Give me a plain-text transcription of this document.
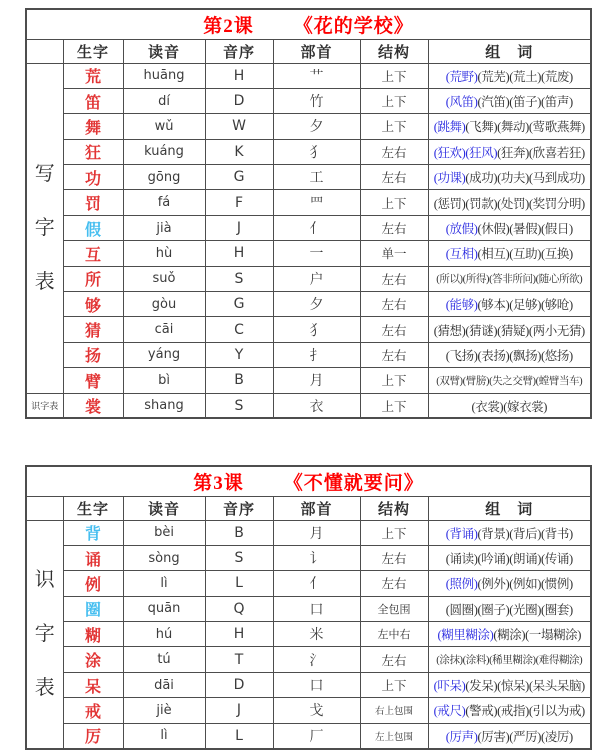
第2课 《花的学校》						
	生字	读音	音序	部首	结构	组　词

写
字
表	荒	huāng	H	艹	上下	(荒野)(荒芜)(荒土)(荒废)
	笛	dí	D	竹	上下	(风笛)(汽笛)(笛子)(笛声)
	舞	wǔ	W	夕	上下	(跳舞)(飞舞)(舞动)(莺歌燕舞)
	狂	kuáng	K	犭	左右	(狂欢)(狂风)(狂奔)(欣喜若狂)
	功	gōng	G	工	左右	(功课)(成功)(功夫)(马到成功)
	罚	fá	F	罒	上下	(惩罚)(罚款)(处罚)(奖罚分明)
	假	jià	J	亻	左右	(放假)(休假)(暑假)(假日)
	互	hù	H	一	单一	(互相)(相互)(互助)(互换)
	所	suǒ	S	户	左右	(所以)(所得)(答非所问)(随心所欲)
	够	gòu	G	夕	左右	(能够)(够本)(足够)(够呛)
	猜	cāi	C	犭	左右	(猜想)(猜谜)(猜疑)(两小无猜)
	扬	yáng	Y	扌	左右	(飞扬)(表扬)(飘扬)(悠扬)
	臂	bì	B	月	上下	(双臂)(臂膀)(失之交臂)(螳臂当车)
识字表	裳	shang	S	衣	上下	(衣裳)(嫁衣裳)
第3课 《不懂就要问》						
	生字	读音	音序	部首	结构	组　词

识
字
表	背	bèi	B	月	上下	(背诵)(背景)(背后)(背书)
	诵	sòng	S	讠	左右	(诵读)(吟诵)(朗诵)(传诵)
	例	lì	L	亻	左右	(照例)(例外)(例如)(惯例)
	圈	quān	Q	口	全包围	(圆圈)(圈子)(光圈)(圈套)
	糊	hú	H	米	左中右	(糊里糊涂)(糊涂)(一塌糊涂)
	涂	tú	T	氵	左右	(涂抹)(涂料)(稀里糊涂)(难得糊涂)
	呆	dāi	D	口	上下	(吓呆)(发呆)(惊呆)(呆头呆脑)
	戒	jiè	J	戈	右上包围	(戒尺)(警戒)(戒指)(引以为戒)
	厉	lì	L	厂	左上包围	(厉声)(厉害)(严厉)(凌厉)
